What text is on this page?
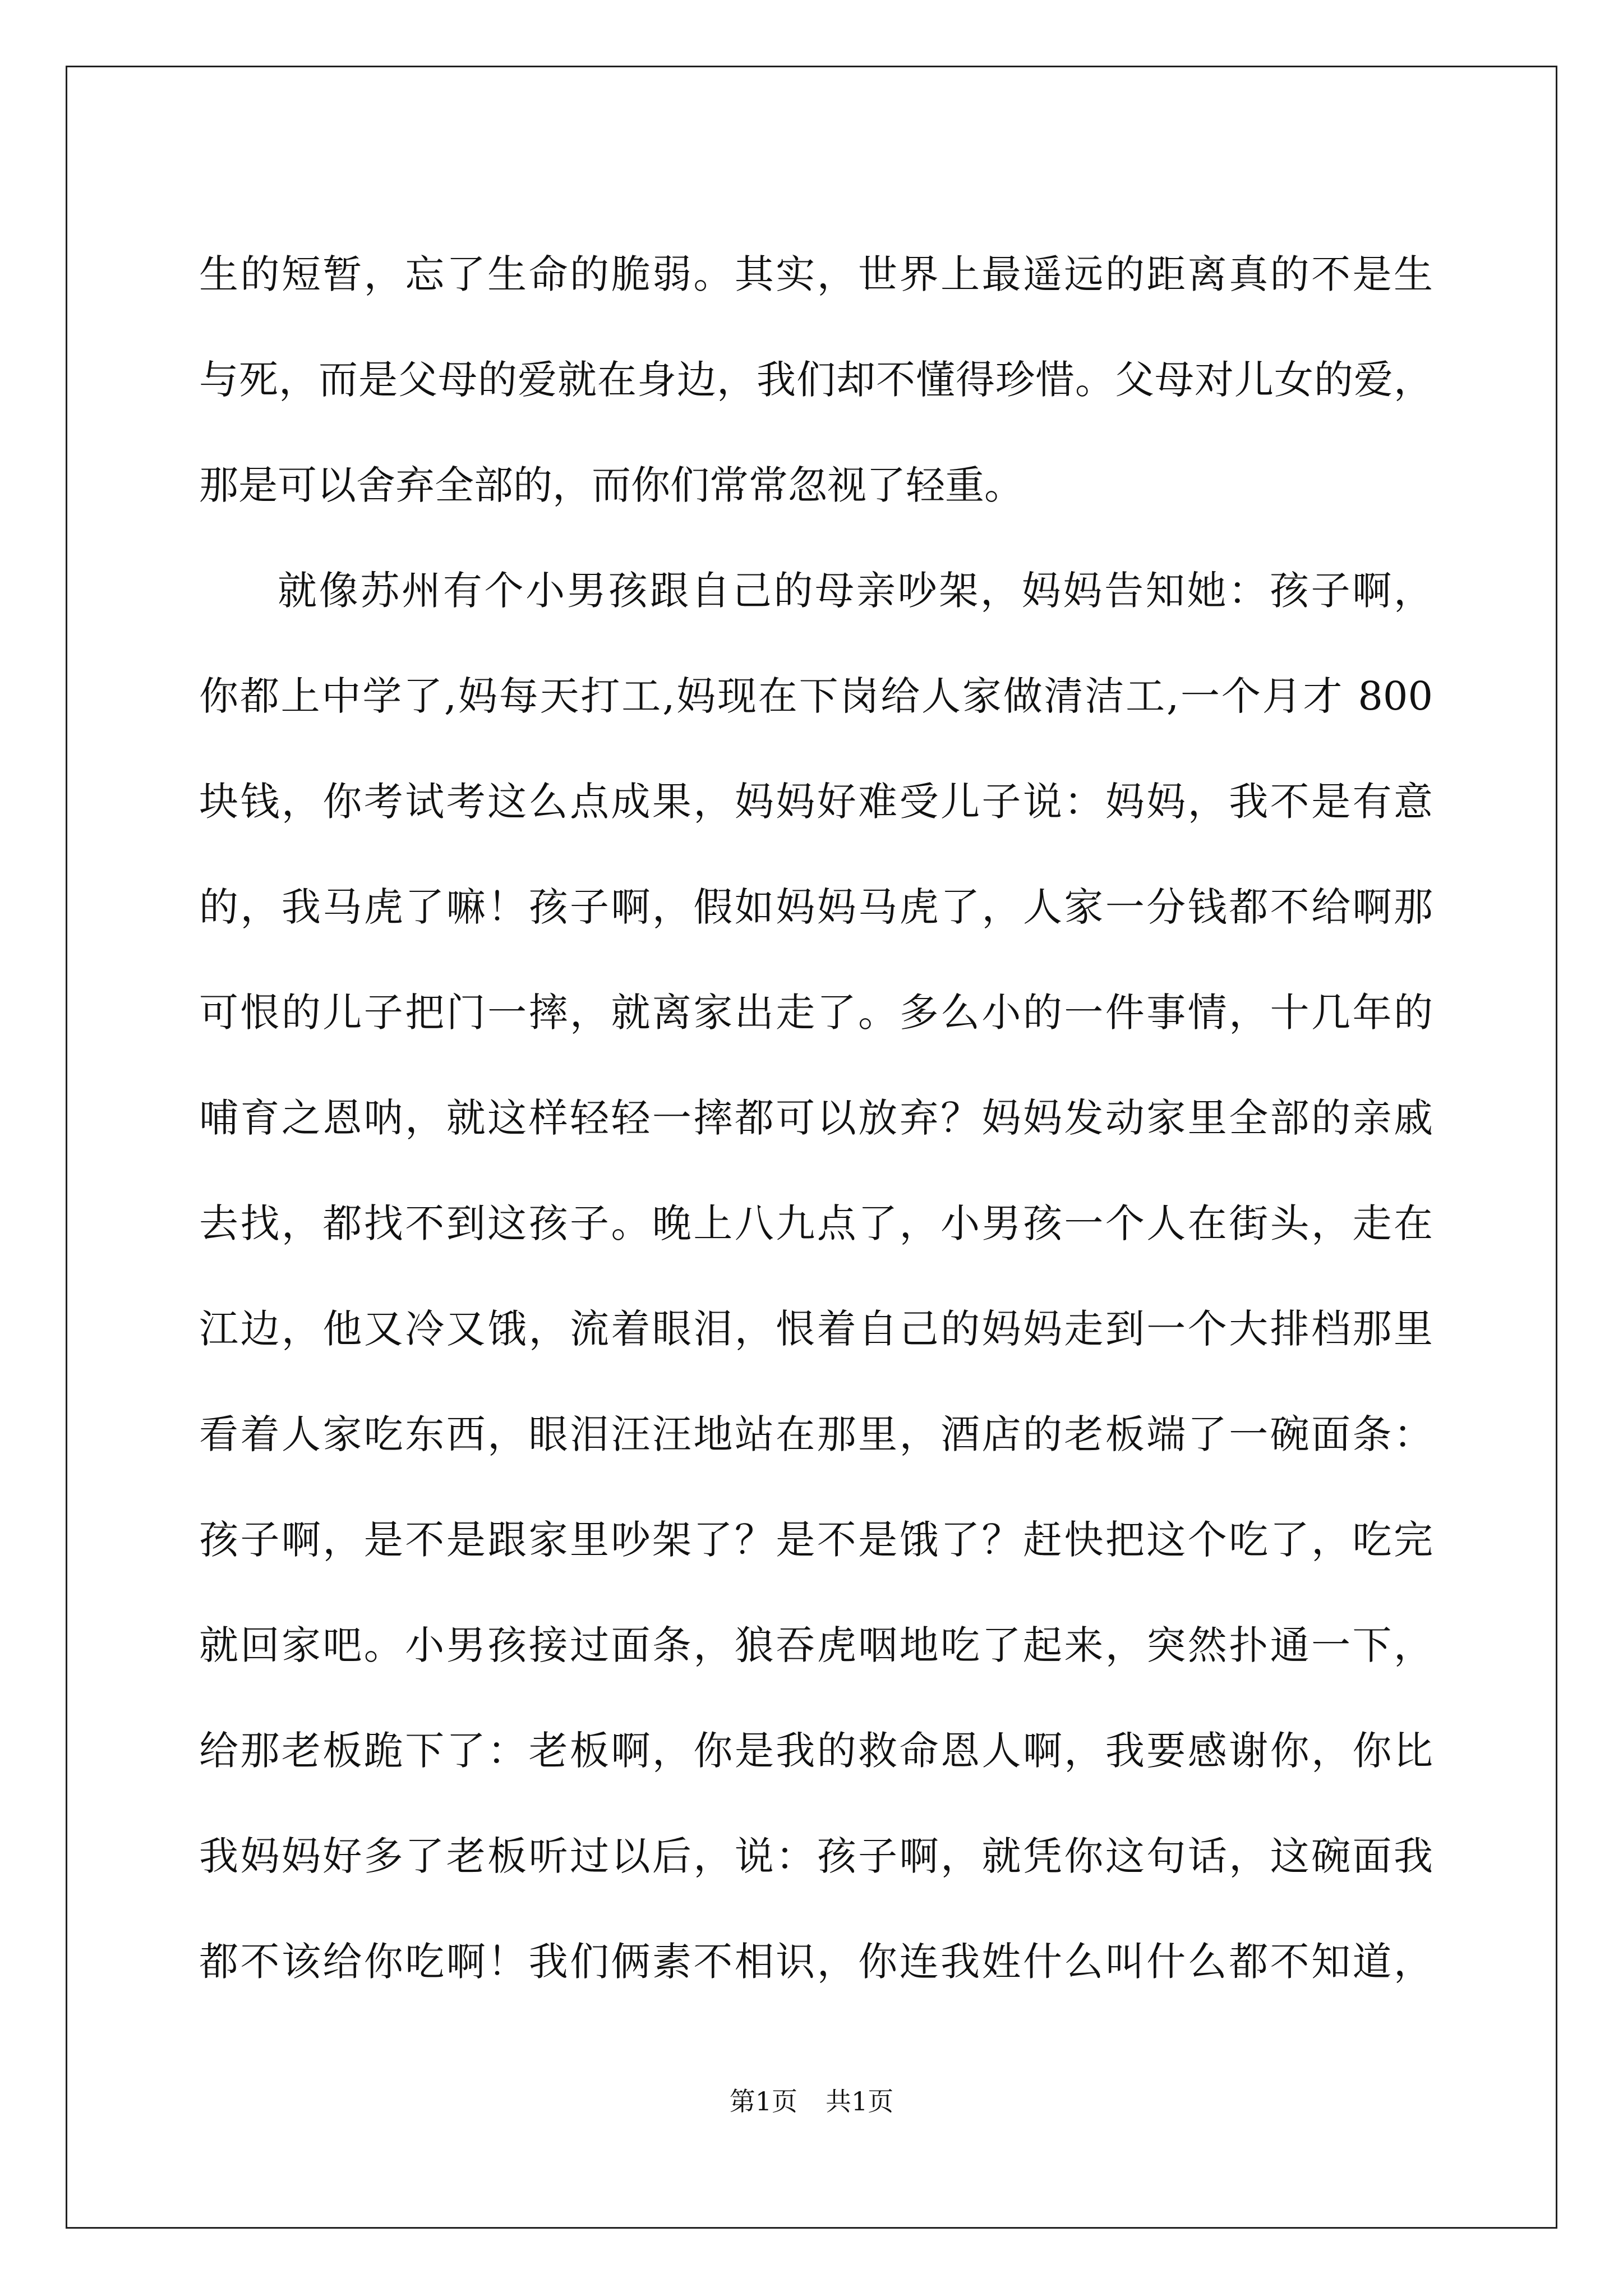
生的短暂，忘了生命的脆弱。其实，世界上最遥远的距离真的不是生
与死，而是父母的爱就在身边，我们却不懂得珍惜。父母对儿女的爱，
那是可以舍弃全部的，而你们常常忽视了轻重。
就像苏州有个小男孩跟自己的母亲吵架，妈妈告知她：孩子啊，
你都上中学了,妈每天打工,妈现在下岗给人家做清洁工,一个月才 800
块钱，你考试考这么点成果，妈妈好难受儿子说：妈妈，我不是有意
的，我马虎了嘛！孩子啊，假如妈妈马虎了，人家一分钱都不给啊那
可恨的儿子把门一摔，就离家出走了。多么小的一件事情，十几年的
哺育之恩呐，就这样轻轻一摔都可以放弃？妈妈发动家里全部的亲戚
去找，都找不到这孩子。晚上八九点了，小男孩一个人在街头，走在
江边，他又冷又饿，流着眼泪，恨着自己的妈妈走到一个大排档那里
看着人家吃东西，眼泪汪汪地站在那里，酒店的老板端了一碗面条：
孩子啊，是不是跟家里吵架了？是不是饿了？赶快把这个吃了，吃完
就回家吧。小男孩接过面条，狼吞虎咽地吃了起来，突然扑通一下，
给那老板跪下了：老板啊，你是我的救命恩人啊，我要感谢你，你比
我妈妈好多了老板听过以后，说：孩子啊，就凭你这句话，这碗面我
都不该给你吃啊！我们俩素不相识，你连我姓什么叫什么都不知道，
第1页 共1页
